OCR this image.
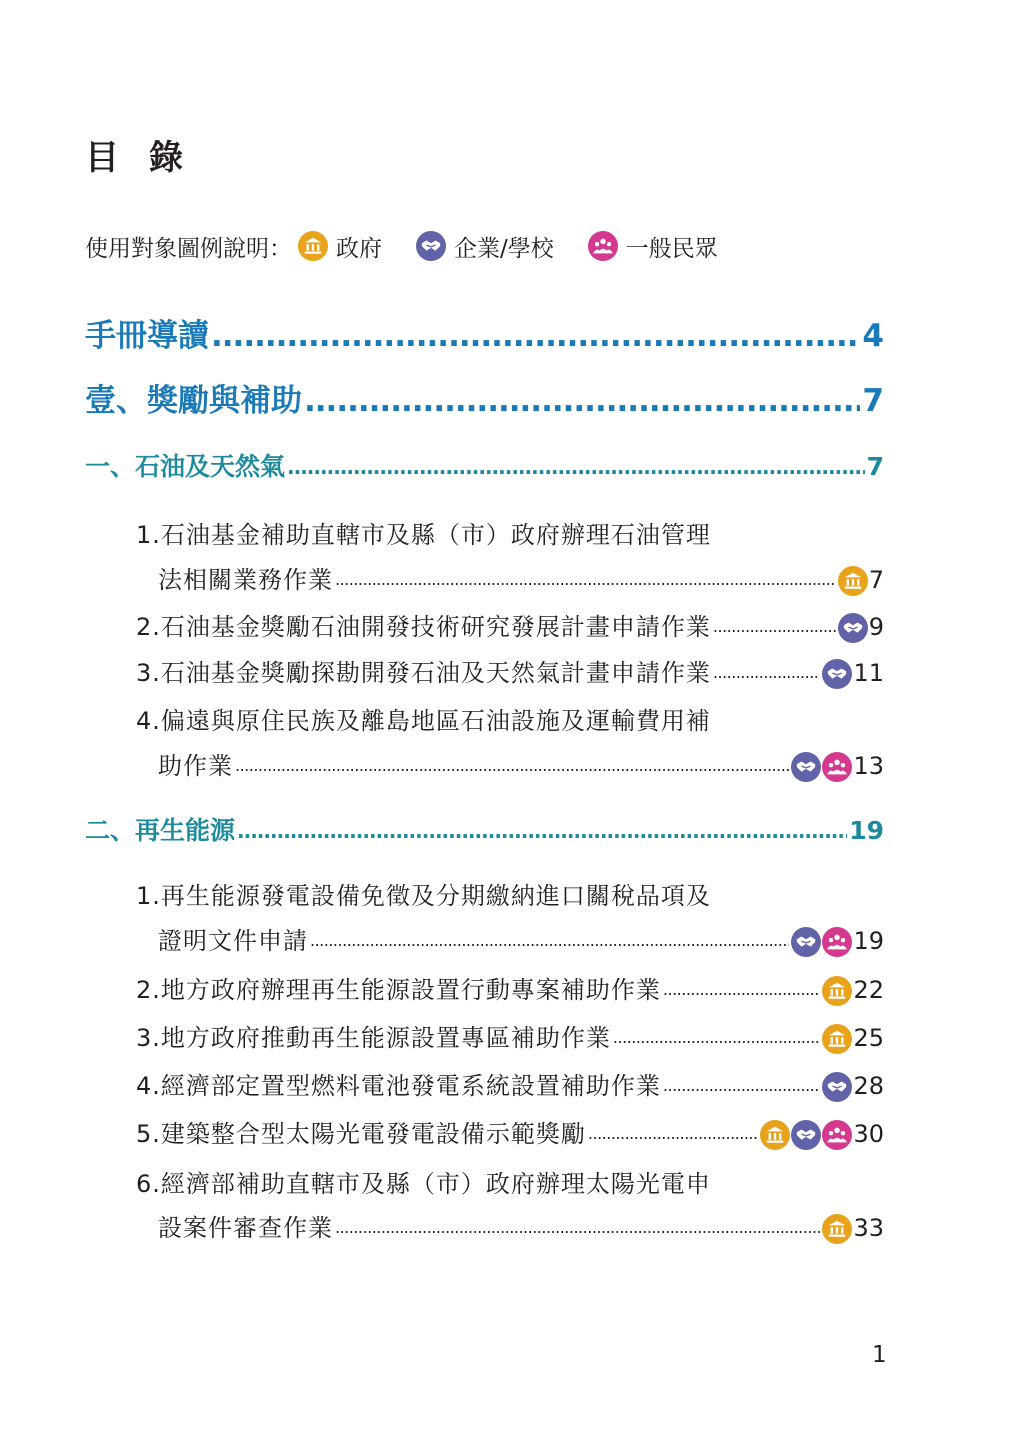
目錄
使用對象圖例說明： 政府	企業/學校	一般民眾
手冊導讀 .....	4
壹、獎勵與補助 .....	7
一、石油及天然氣 .....	7
1.石油基金補助直轄市及縣（市）政府辦理石油管理
法相關業務作業 .....	7
2.石油基金獎勵石油開發技術研究發展計畫申請作業 .....	9
3.石油基金獎勵探勘開發石油及天然氣計畫申請作業 .....	11
4.偏遠與原住民族及離島地區石油設施及運輸費用補
助作業 .....	13
二、再生能源 .....	19
1.再生能源發電設備免徵及分期繳納進口關稅品項及
證明文件申請 .....	19
2.地方政府辦理再生能源設置行動專案補助作業 .....	22
3.地方政府推動再生能源設置專區補助作業 .....	25
4.經濟部定置型燃料電池發電系統設置補助作業 .....	28
5.建築整合型太陽光電發電設備示範獎勵 .....	30
6.經濟部補助直轄市及縣（市）政府辦理太陽光電申
設案件審查作業 .....	33
1
